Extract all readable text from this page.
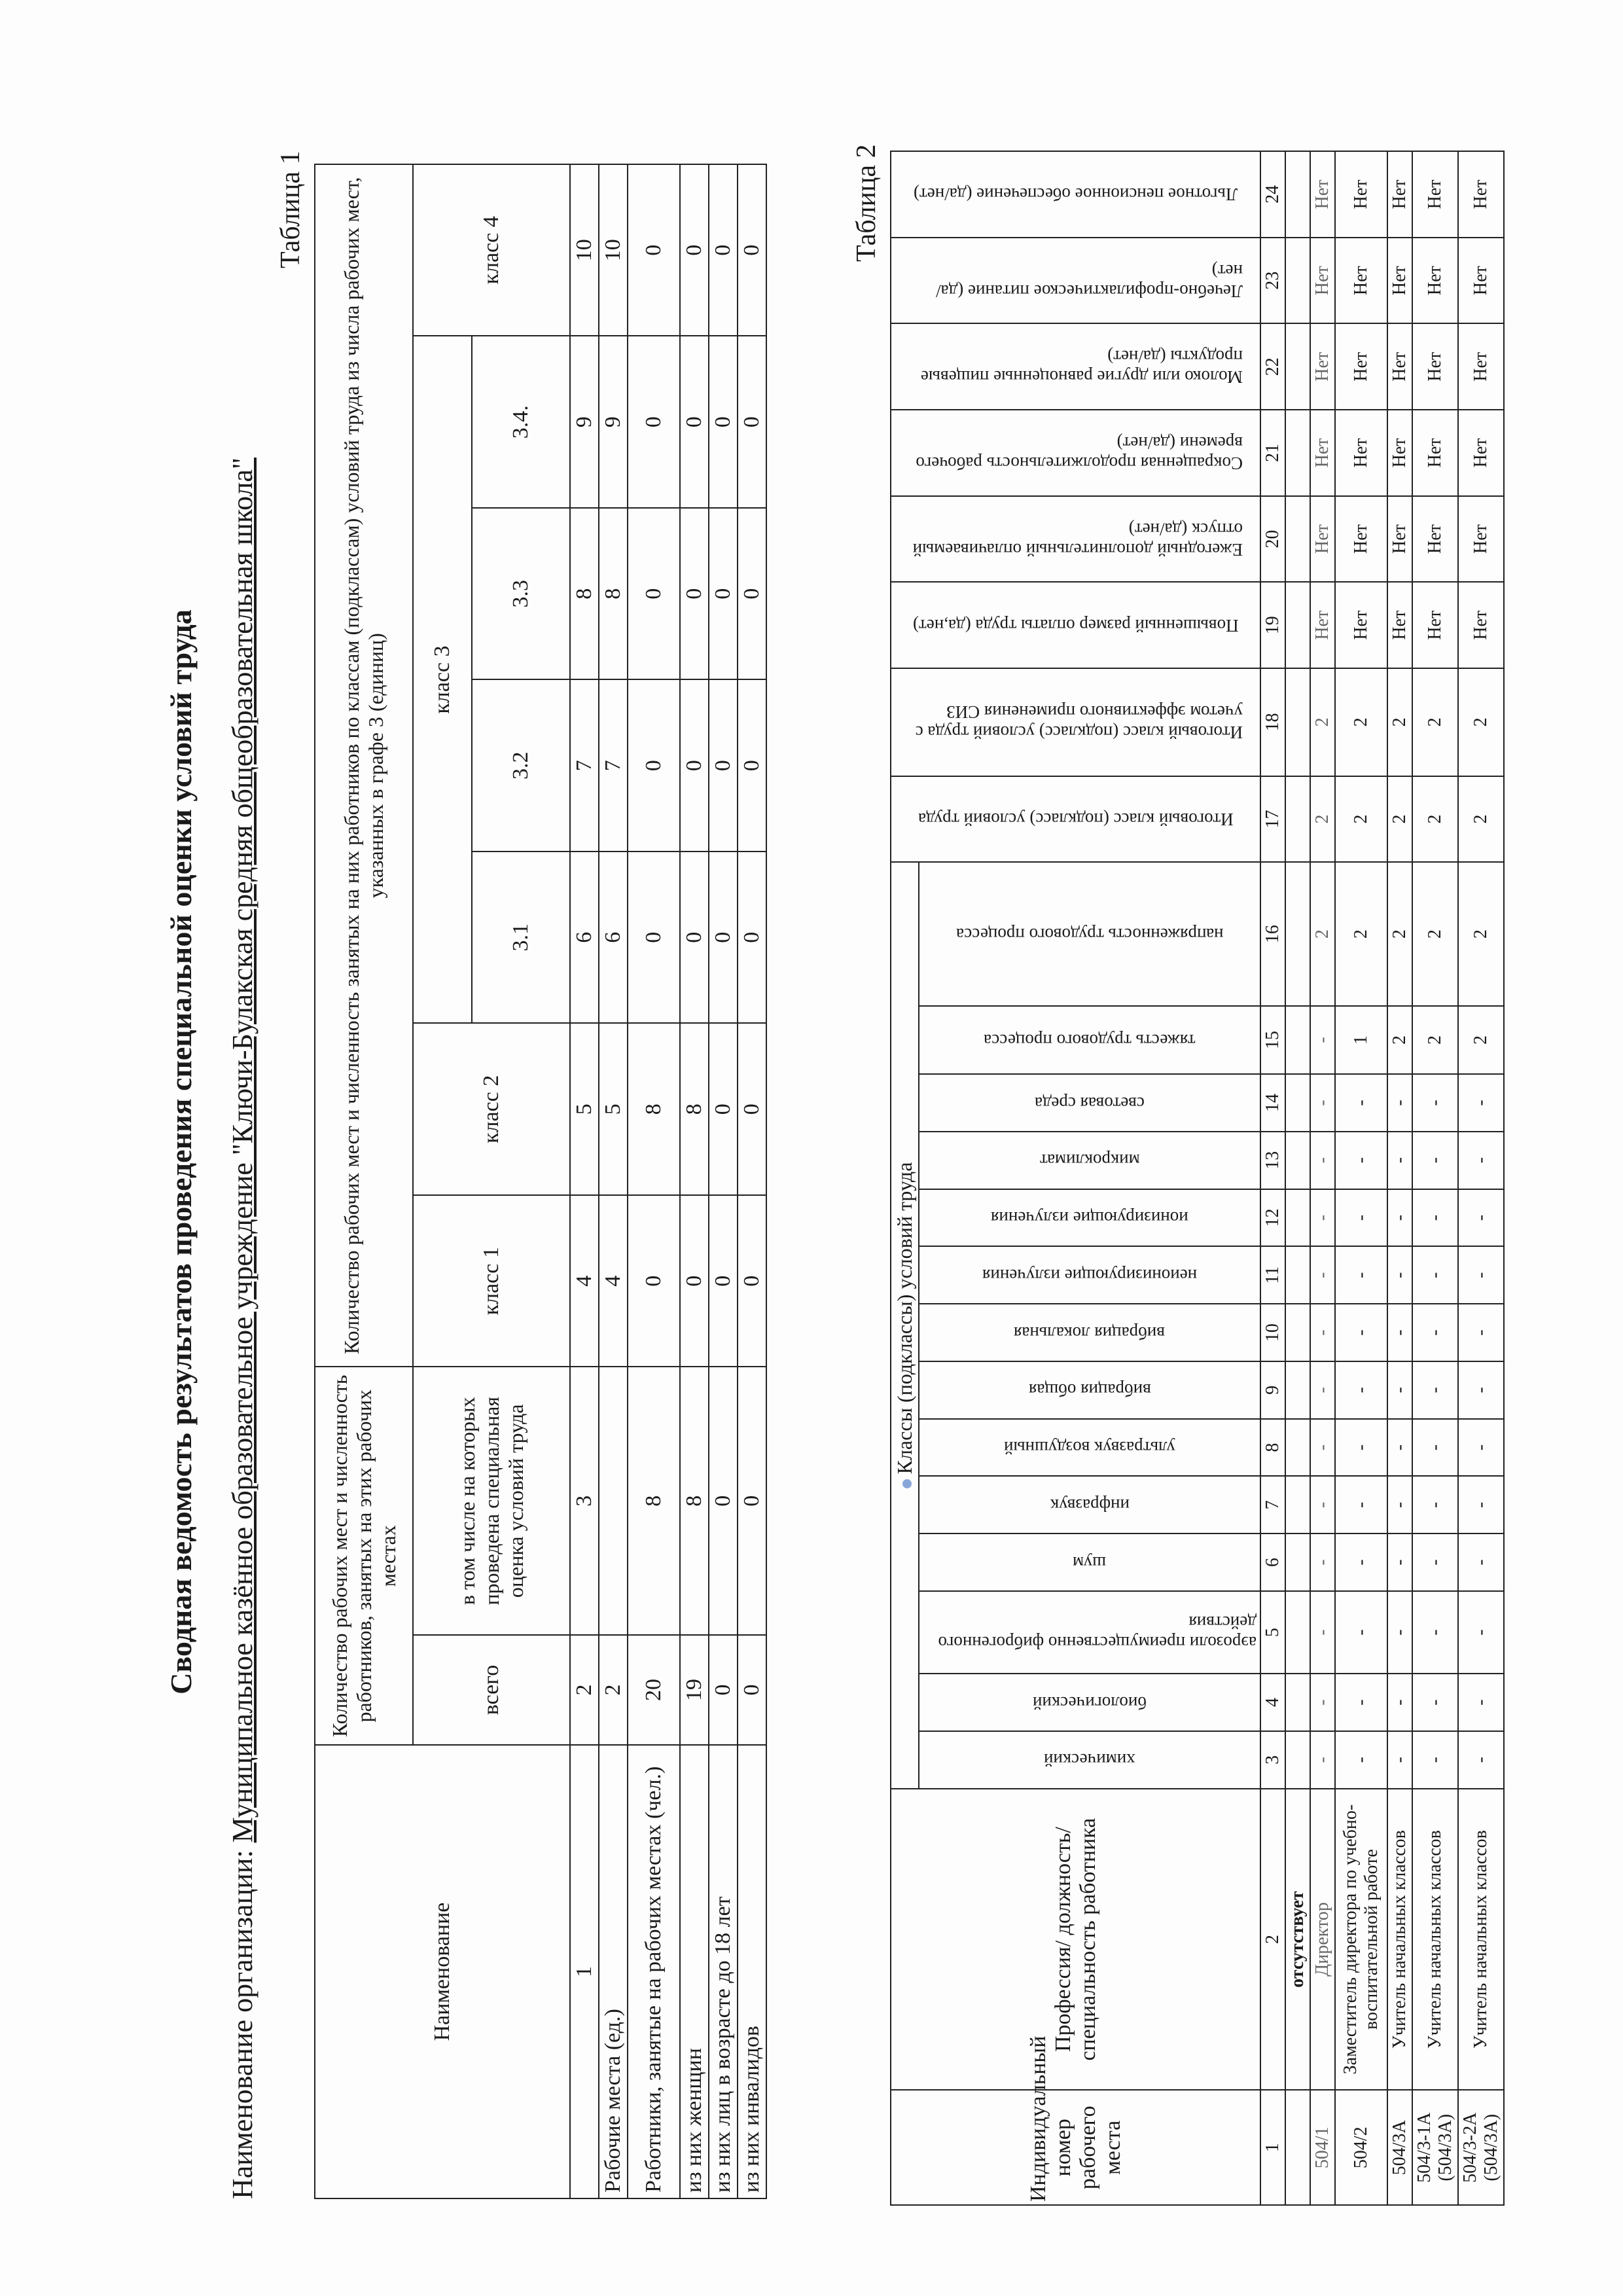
Сводная ведомость результатов проведения специальной оценки условий труда
Наименование организации: Муниципальное казённое образовательное учреждение "Ключи-Булакская средняя общеобразовательная школа"
Таблица 1
Наименование	Количество рабочих мест и численность работников, занятых на этих рабочих местах		Количество рабочих мест и численность занятых на них работников по классам (подклассам) условий труда из числа рабочих мест, указанных в графе 3 (единиц)						
	всего	в том числе на которых проведена специальная оценка условий труда	класс 1	класс 2	класс 3				класс 4
					3.1	3.2	3.3	3.4.	
1	2	3	4	5	6	7	8	9	10
Рабочие места (ед.)	2		4	5	6	7	8	9	10
Работники, занятые на рабочих местах (чел.)	20	8	0	8	0	0	0	0	0
из них женщин	19	8	0	8	0	0	0	0	0
из них лиц в возрасте до 18 лет	0	0	0	0	0	0	0	0	0
из них инвалидов	0	0	0	0	0	0	0	0	0	Таблица 2
Индивидуальный номер рабочего места	Профессия/ должность/ специальность работника	Классы (подклассы) условий труда														Итоговый класс (подкласс) условий труда	Итоговый класс (подкласс) условий труда с учетом эффективного применения СИЗ	Повышенный размер оплаты труда (да,нет)	Ежегодный дополнительный оплачиваемый отпуск (да/нет)	Сокращенная продолжительность рабочего времени (да/нет)	Молоко или другие равноценные пищевые продукты (да/нет)	Лечебно-профилактическое питание (да/нет)	Льготное пенсионное обеспечение (да/нет)

		химический	биологический	аэрозоли преимущественно фиброгенного действия	шум	инфразвук	ультразвук воздушный	вибрация общая	вибрация локальная	неионизирующие излучения	ионизирующие излучения	микроклимат	световая среда	тяжесть трудового процесса	напряженность трудового процесса								

1	2	3	4	5	6	7	8	9	10	11	12	13	14	15	16	17	18	19	20	21	22	23	24
	отсутствует																						
504/1	Директор	-	-	-	-	-	-	-	-	-	-	-	-	-	2	2	2	Нет	Нет	Нет	Нет	Нет	Нет
504/2	Заместитель директора по учебно-воспитательной работе	-	-	-	-	-	-	-	-	-	-	-	-	1	2	2	2	Нет	Нет	Нет	Нет	Нет	Нет
504/3А	Учитель начальных классов	-	-	-	-	-	-	-	-	-	-	-	-	2	2	2	2	Нет	Нет	Нет	Нет	Нет	Нет
504/3-1А (504/3А)	Учитель начальных классов	-	-	-	-	-	-	-	-	-	-	-	-	2	2	2	2	Нет	Нет	Нет	Нет	Нет	Нет
504/3-2А (504/3А)	Учитель начальных классов	-	-	-	-	-	-	-	-	-	-	-	-	2	2	2	2	Нет	Нет	Нет	Нет	Нет	Нет
